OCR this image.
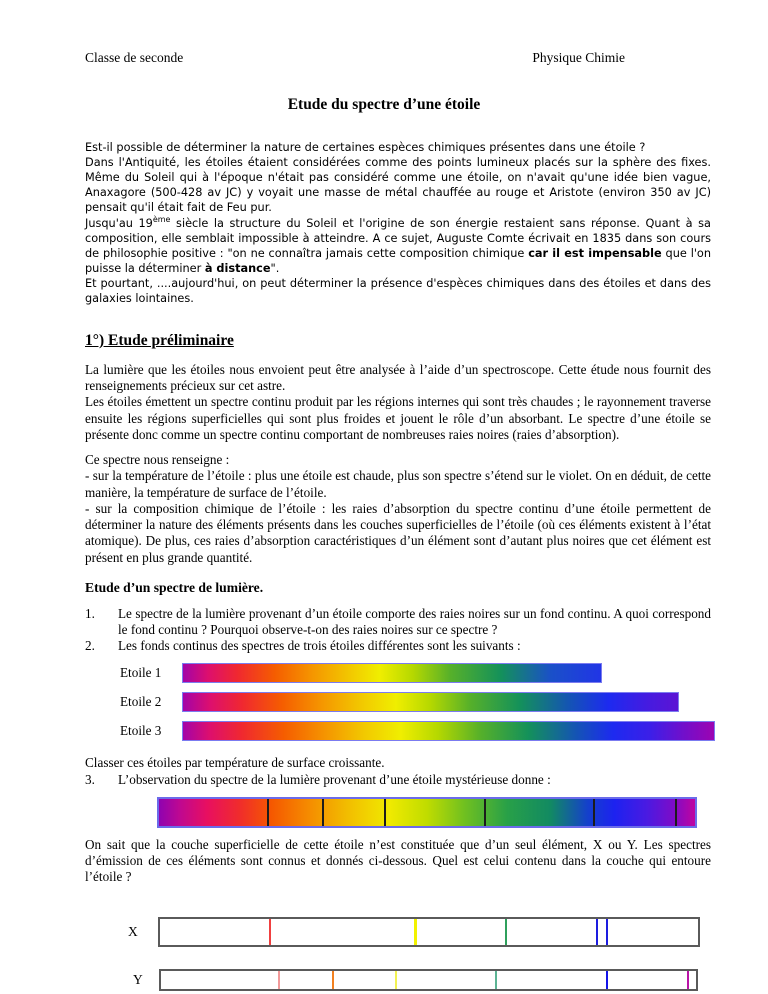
Classe de seconde	Physique Chimie
Etude du spectre d’une étoile
Est-il possible de déterminer la nature de certaines espèces chimiques présentes dans une étoile ?
Dans l'Antiquité, les étoiles étaient considérées comme des points lumineux placés sur la sphère des fixes. Même du Soleil qui à l'époque n'était pas considéré comme une étoile, on n'avait qu'une idée bien vague, Anaxagore (500-428 av JC) y voyait une masse de métal chauffée au rouge et Aristote (environ 350 av JC) pensait qu'il était fait de Feu pur.
Jusqu'au 19ème siècle la structure du Soleil et l'origine de son énergie restaient sans réponse. Quant à sa composition, elle semblait impossible à atteindre. A ce sujet, Auguste Comte écrivait en 1835 dans son cours de philosophie positive : "on ne connaîtra jamais cette composition chimique car il est impensable que l'on puisse la déterminer à distance".
Et pourtant, ....aujourd'hui, on peut déterminer la présence d'espèces chimiques dans des étoiles et dans des galaxies lointaines.
1°) Etude préliminaire
La lumière que les étoiles nous envoient peut être analysée à l’aide d’un spectroscope. Cette étude nous fournit des renseignements précieux sur cet astre.
Les étoiles émettent un spectre continu produit par les régions internes qui sont très chaudes ; le rayonnement traverse ensuite les régions superficielles qui sont plus froides et jouent le rôle d’un absorbant. Le spectre d’une étoile se présente donc comme un spectre continu comportant de nombreuses raies noires (raies d’absorption).
Ce spectre nous renseigne :
- sur la température de l’étoile : plus une étoile est chaude, plus son spectre s’étend sur le violet. On en déduit, de cette manière, la température de surface de l’étoile.
- sur la composition chimique de l’étoile : les raies d’absorption du spectre continu d’une étoile permettent de déterminer la nature des éléments présents dans les couches superficielles de l’étoile (où ces éléments existent à l’état atomique). De plus, ces raies d’absorption caractéristiques d’un élément sont d’autant plus noires que cet élément est présent en plus grande quantité.
Etude d’un spectre de lumière.
1.	Le spectre de la lumière provenant d’un étoile comporte des raies noires sur un fond continu. A quoi correspond le fond continu ? Pourquoi observe-t-on des raies noires sur ce spectre ?
2.	Les fonds continus des spectres de trois étoiles différentes sont les suivants :
Etoile 1
Etoile 2
Etoile 3
Classer ces étoiles par température de surface croissante.
3.	L’observation du spectre de la lumière provenant d’une étoile mystérieuse donne :
On sait que la couche superficielle de cette étoile n’est constituée que d’un seul élément, X ou Y. Les spectres d’émission de ces éléments sont connus et donnés ci-dessous. Quel est celui contenu dans la couche qui entoure l’étoile ?
X
Y
